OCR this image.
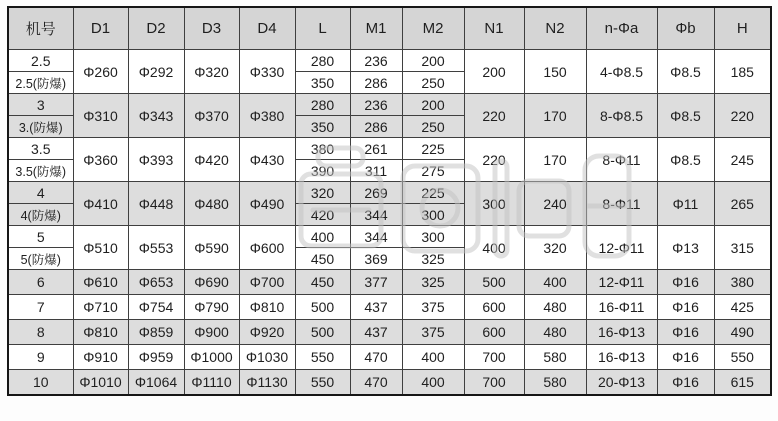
机号	D1	D2	D3	D4	L	M1	M2	N1	N2	n-Φa	Φb	H
2.5	Φ260	Φ292	Φ320	Φ330	280	236	200	200	150	4-Φ8.5	Φ8.5	185
2.5(防爆)					350	286	250					
3	Φ310	Φ343	Φ370	Φ380	280	236	200	220	170	8-Φ8.5	Φ8.5	220
3.(防爆)					350	286	250					
3.5	Φ360	Φ393	Φ420	Φ430	380	261	225	220	170	8-Φ11	Φ8.5	245
3.5(防爆)					390	311	275					
4	Φ410	Φ448	Φ480	Φ490	320	269	225	300	240	8-Φ11	Φ11	265
4(防爆)					420	344	300					
5	Φ510	Φ553	Φ590	Φ600	400	344	300	400	320	12-Φ11	Φ13	315
5(防爆)					450	369	325					
6	Φ610	Φ653	Φ690	Φ700	450	377	325	500	400	12-Φ11	Φ16	380
7	Φ710	Φ754	Φ790	Φ810	500	437	375	600	480	16-Φ11	Φ16	425
8	Φ810	Φ859	Φ900	Φ920	500	437	375	600	480	16-Φ13	Φ16	490
9	Φ910	Φ959	Φ1000	Φ1030	550	470	400	700	580	16-Φ13	Φ16	550
10	Φ1010	Φ1064	Φ1110	Φ1130	550	470	400	700	580	20-Φ13	Φ16	615
